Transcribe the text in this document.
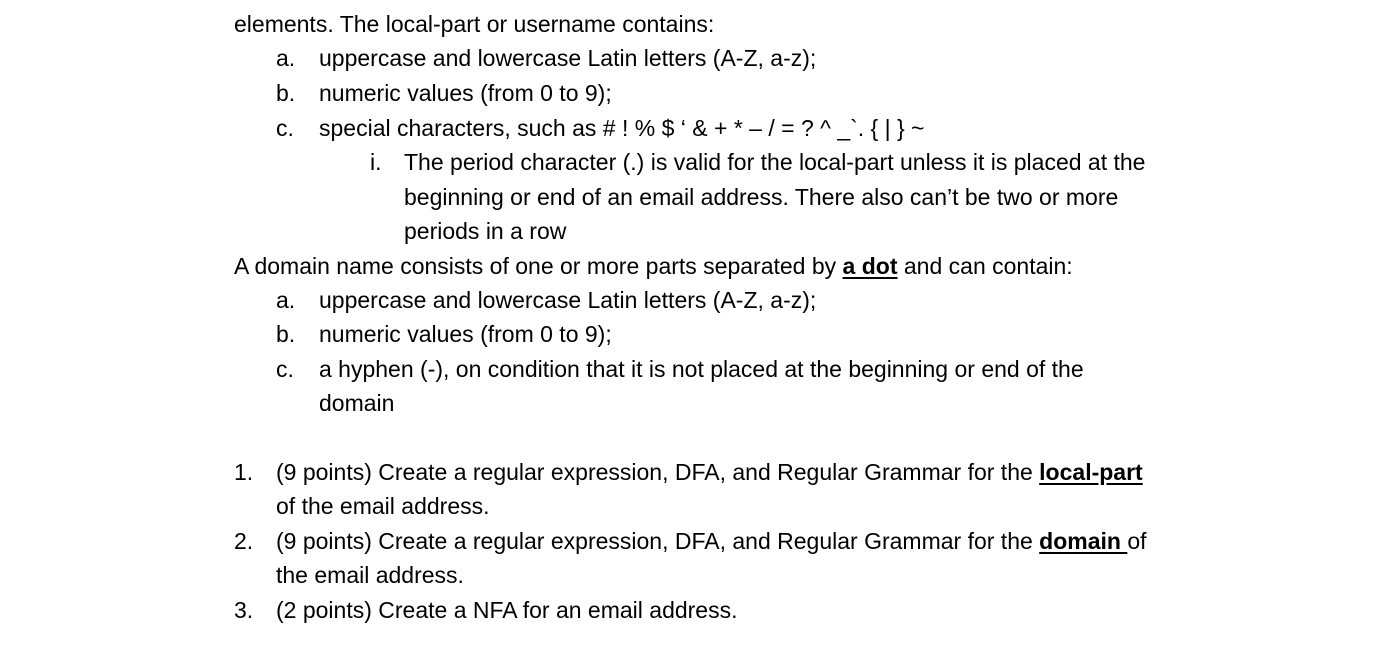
elements. The local-part or username contains:
a. uppercase and lowercase Latin letters (A-Z, a-z);
b. numeric values (from 0 to 9);
c. special characters, such as # ! % $ ‘ & + * – / = ? ^ _`. { | } ~
i. The period character (.) is valid for the local-part unless it is placed at the
beginning or end of an email address. There also can’t be two or more
periods in a row
A domain name consists of one or more parts separated by a dot and can contain:
a. uppercase and lowercase Latin letters (A-Z, a-z);
b. numeric values (from 0 to 9);
c. a hyphen (-), on condition that it is not placed at the beginning or end of the
domain
1. (9 points) Create a regular expression, DFA, and Regular Grammar for the local-part
of the email address.
2. (9 points) Create a regular expression, DFA, and Regular Grammar for the domain of
the email address.
3. (2 points) Create a NFA for an email address.
